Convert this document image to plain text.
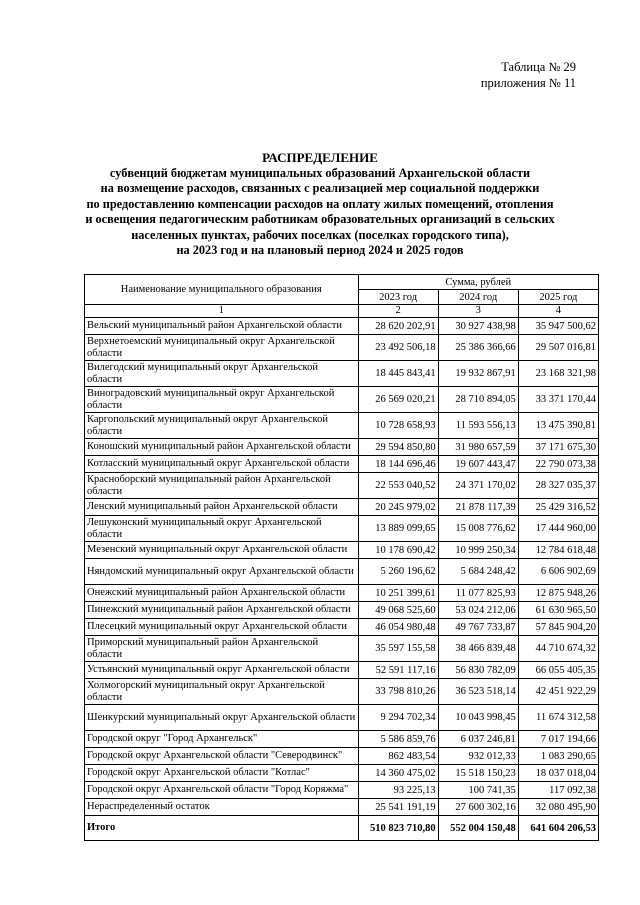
Таблица № 29
приложения № 11
РАСПРЕДЕЛЕНИЕ
субвенций бюджетам муниципальных образований Архангельской области
на возмещение расходов, связанных с реализацией мер социальной поддержки
по предоставлению компенсации расходов на оплату жилых помещений, отопления
и освещения педагогическим работникам образовательных организаций в сельских
населенных пунктах, рабочих поселках (поселках городского типа),
на 2023 год и на плановый период 2024 и 2025 годов
Наименование муниципального образования	Сумма, рублей		
	2023 год	2024 год	2025 год
1	2	3	4
Вельский муниципальный район Архангельской области	28 620 202,91	30 927 438,98	35 947 500,62
Верхнетоемский муниципальный округ Архангельской области	23 492 506,18	25 386 366,66	29 507 016,81
Вилегодский муниципальный округ Архангельской области	18 445 843,41	19 932 867,91	23 168 321,98
Виноградовский муниципальный округ Архангельской области	26 569 020,21	28 710 894,05	33 371 170,44
Каргопольский муниципальный округ Архангельской области	10 728 658,93	11 593 556,13	13 475 390,81
Коношский муниципальный район Архангельской области	29 594 850,80	31 980 657,59	37 171 675,30
Котласский муниципальный округ Архангельской области	18 144 696,46	19 607 443,47	22 790 073,38
Красноборский муниципальный район Архангельской области	22 553 040,52	24 371 170,02	28 327 035,37
Ленский муниципальный район Архангельской области	20 245 979,02	21 878 117,39	25 429 316,52
Лешуконский муниципальный округ Архангельской области	13 889 099,65	15 008 776,62	17 444 960,00
Мезенский муниципальный округ Архангельской области	10 178 690,42	10 999 250,34	12 784 618,48
Няндомский муниципальный округ Архангельской области	5 260 196,62	5 684 248,42	6 606 902,69
Онежский муниципальный район Архангельской области	10 251 399,61	11 077 825,93	12 875 948,26
Пинежский муниципальный район Архангельской области	49 068 525,60	53 024 212,06	61 630 965,50
Плесецкий муниципальный округ Архангельской области	46 054 980,48	49 767 733,87	57 845 904,20
Приморский муниципальный район Архангельской области	35 597 155,58	38 466 839,48	44 710 674,32
Устьянский муниципальный округ Архангельской области	52 591 117,16	56 830 782,09	66 055 405,35
Холмогорский муниципальный округ Архангельской области	33 798 810,26	36 523 518,14	42 451 922,29
Шенкурский муниципальный округ Архангельской области	9 294 702,34	10 043 998,45	11 674 312,58
Городской округ "Город Архангельск"	5 586 859,76	6 037 246,81	7 017 194,66
Городской округ Архангельской области "Северодвинск"	862 483,54	932 012,33	1 083 290,65
Городской округ Архангельской области "Котлас"	14 360 475,02	15 518 150,23	18 037 018,04
Городской округ Архангельской области "Город Коряжма"	93 225,13	100 741,35	117 092,38
Нераспределенный остаток	25 541 191,19	27 600 302,16	32 080 495,90
Итого	510 823 710,80	552 004 150,48	641 604 206,53
